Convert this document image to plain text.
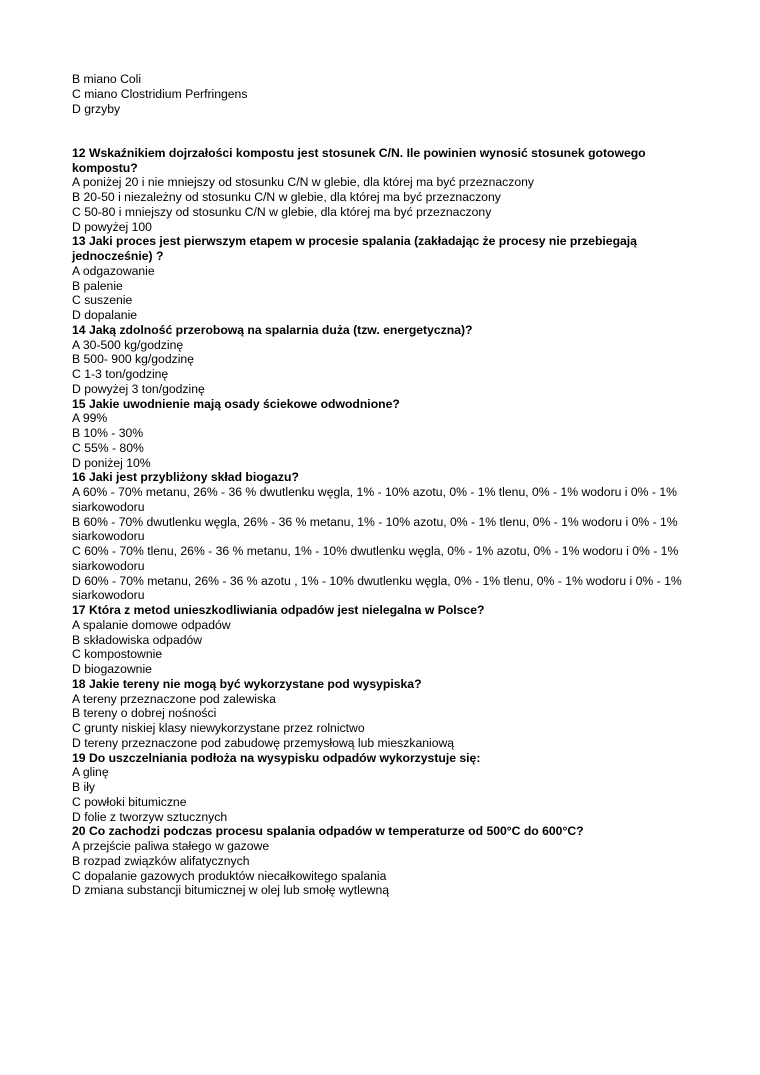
B miano Coli
C miano Clostridium Perfringens
D grzyby
12 Wskaźnikiem dojrzałości kompostu jest stosunek C/N. Ile powinien wynosić stosunek gotowego kompostu?
A poniżej 20 i nie mniejszy od stosunku C/N w glebie, dla której ma być przeznaczony
B 20-50 i niezależny od stosunku C/N w glebie, dla której ma być przeznaczony
C 50-80 i mniejszy od stosunku C/N w glebie, dla której ma być przeznaczony
D powyżej 100
13 Jaki proces jest pierwszym etapem w procesie spalania (zakładając że procesy nie przebiegają jednocześnie) ?
A odgazowanie
B palenie
C suszenie
D dopalanie
14 Jaką zdolność przerobową na spalarnia duża (tzw. energetyczna)?
A 30-500 kg/godzinę
B 500- 900 kg/godzinę
C 1-3 ton/godzinę
D powyżej 3 ton/godzinę
15 Jakie uwodnienie mają osady ściekowe odwodnione?
A 99%
B 10% - 30%
C 55% - 80%
D poniżej 10%
16 Jaki jest przybliżony skład biogazu?
A 60% - 70% metanu, 26% - 36 % dwutlenku węgla, 1% - 10% azotu, 0% - 1% tlenu, 0% - 1% wodoru i 0% - 1% siarkowodoru
B 60% - 70% dwutlenku węgla, 26% - 36 % metanu, 1% - 10% azotu, 0% - 1% tlenu, 0% - 1% wodoru i 0% - 1% siarkowodoru
C 60% - 70% tlenu, 26% - 36 % metanu, 1% - 10% dwutlenku węgla, 0% - 1% azotu, 0% - 1% wodoru i 0% - 1% siarkowodoru
D 60% - 70% metanu, 26% - 36 % azotu , 1% - 10% dwutlenku węgla, 0% - 1% tlenu, 0% - 1% wodoru i 0% - 1% siarkowodoru
17 Która z metod unieszkodliwiania odpadów jest nielegalna w Polsce?
A spalanie domowe odpadów
B składowiska odpadów
C kompostownie
D biogazownie
18 Jakie tereny nie mogą być wykorzystane pod wysypiska?
A tereny przeznaczone pod zalewiska
B tereny o dobrej nośności
C grunty niskiej klasy niewykorzystane przez rolnictwo
D tereny przeznaczone pod zabudowę przemysłową lub mieszkaniową
19 Do uszczelniania podłoża na wysypisku odpadów wykorzystuje się:
A glinę
B iły
C powłoki bitumiczne
D folie z tworzyw sztucznych
20 Co zachodzi podczas procesu spalania odpadów w temperaturze od 500°C do 600°C?
A przejście paliwa stałego w gazowe
B rozpad związków alifatycznych
C dopalanie gazowych produktów niecałkowitego spalania
D zmiana substancji bitumicznej w olej lub smołę wytlewną
